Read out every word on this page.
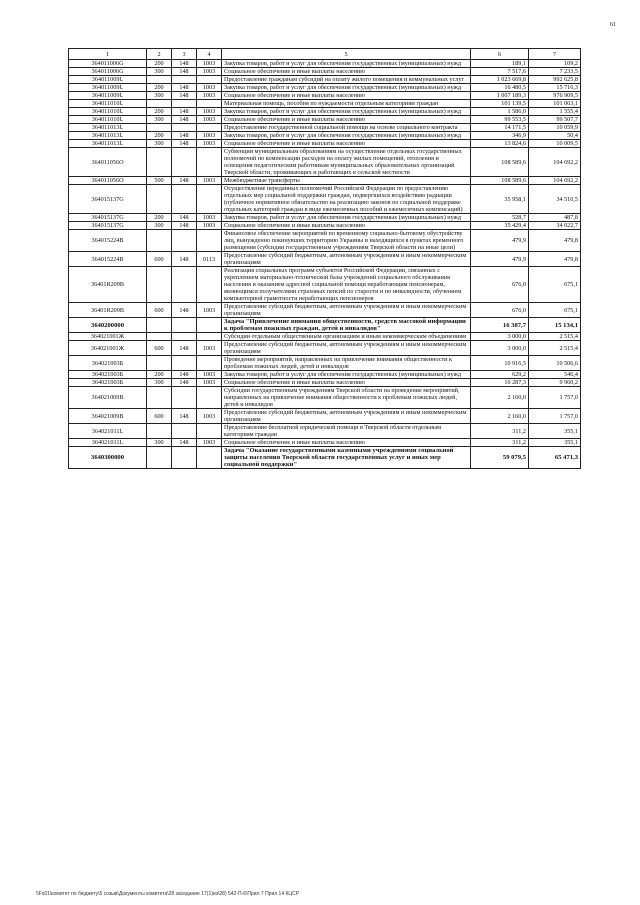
61
1	2	3	4	5	6	7
364011006G	200	148	1003	Закупка товаров, работ и услуг для обеспечения государственных (муниципальных) нужд	189,1	109,2
364011006G	300	148	1003	Социальное обеспечение и иные выплаты населению	7 517,6	7 233,5
364011009L				Предоставление гражданам субсидий на оплату жилого помещения и коммунальных услуг	1 023 669,8	992 625,8
364011009L	200	148	1003	Закупка товаров, работ и услуг для обеспечения государственных (муниципальных) нужд	16 480,5	15 716,3
364011009L	300	148	1003	Социальное обеспечение и иные выплаты населению	1 007 189,3	976 909,5
364011010L				Материальная помощь, пособия по нуждаемости отдельным категориям граждан	101 139,5	101 063,1
364011010L	200	148	1003	Закупка товаров, работ и услуг для обеспечения государственных (муниципальных) нужд	1 586,0	1 555,4
364011010L	300	148	1003	Социальное обеспечение и иные выплаты населению	99 553,5	99 507,7
364011013L				Предоставление государственной социальной помощи на основе социального контракта	14 171,5	10 059,9
364011013L	200	148	1003	Закупка товаров, работ и услуг для обеспечения государственных (муниципальных) нужд	346,9	50,4
364011013L	300	148	1003	Социальное обеспечение и иные выплаты населению	13 824,6	10 009,5
364011056O				Субвенции муниципальным образованиям на осуществление отдельных государственных полномочий по компенсации расходов на оплату жилых помещений, отопления и освещения педагогическим работникам муниципальных образовательных организаций Тверской области, проживающих и работающих в сельской местности	108 589,6	104 692,2
364011056O	500	148	1003	Межбюджетные трансферты	108 589,6	104 692,2
364015137G				Осуществление переданных полномочий Российской Федерации по предоставлению отдельных мер социальной поддержки граждан, подвергшихся воздействию радиации (публичное нормативное обязательство на реализацию законов по социальной поддержке отдельных категорий граждан в виде ежемесячных пособий и ежемесячных компенсаций)	35 958,1	34 510,5
364015137G	200	148	1003	Закупка товаров, работ и услуг для обеспечения государственных (муниципальных) нужд	528,7	487,8
364015137G	300	148	1003	Социальное обеспечение и иные выплаты населению	35 429,4	34 022,7
364015224B				Финансовое обеспечение мероприятий по временному социально-бытовому обустройству лиц, вынужденно покинувших территорию Украины и находящихся в пунктах временного размещения (субсидии государственным учреждениям Тверской области на иные цели)	479,9	479,8
364015224B	600	148	0113	Предоставление субсидий бюджетным, автономным учреждениям и иным некоммерческим организациям	479,9	479,8
36401R209B				Реализация социальных программ субъектов Российской Федерации, связанных с укреплением материально-технической базы учреждений социального обслуживания населения и оказанием адресной социальной помощи неработающим пенсионерам, являющимся получателями страховых пенсий по старости и по инвалидности, обучением компьютерной грамотности неработающих пенсионеров	676,0	675,1
36401R209B	600	148	1003	Предоставление субсидий бюджетным, автономным учреждениям и иным некоммерческим организациям	676,0	675,1
3640200000				Задача "Привлечение внимания общественности, средств массовой информации к проблемам пожилых граждан, детей и инвалидов"	16 387,7	15 134,1
364021001Ж				Субсидии отдельным общественным организациям и иным некоммерческим объединениям	3 000,0	2 515,4
364021001Ж	600	148	1003	Предоставление субсидий бюджетным, автономным учреждениям и иным некоммерческим организациям	3 000,0	2 515,4
364021003Б				Проведение мероприятий, направленных на привлечение внимания общественности к проблемам пожилых людей, детей и инвалидов	10 916,5	10 506,6
364021003Б	200	148	1003	Закупка товаров, работ и услуг для обеспечения государственных (муниципальных) нужд	629,2	546,4
364021003Б	300	148	1003	Социальное обеспечение и иные выплаты населению	10 287,3	9 960,2
364021009B				Субсидии государственным учреждениям Тверской области на проведение мероприятий, направленных на привлечение внимания общественности к проблемам пожилых людей, детей и инвалидов	2 160,0	1 757,0
364021009B	600	148	1003	Предоставление субсидий бюджетным, автономным учреждениям и иным некоммерческим организациям	2 160,0	1 757,0
364021011L				Предоставление бесплатной юридической помощи в Тверской области отдельным категориям граждан	311,2	355,1
364021011L	300	148	1003	Социальное обеспечение и иные выплаты населению	311,2	355,1
3640300000				Задача "Оказание государственными казенными учреждениями социальной защиты населения Тверской области государственных услуг и иных мер социальной поддержки"	59 079,5	65 471,3
\\Fs01\комитет по бюджету\5 созыв\Документы комитета\28 заседание 17(1)из\28) 542-П-6\Прил 7 Прил 14 КЦСР
